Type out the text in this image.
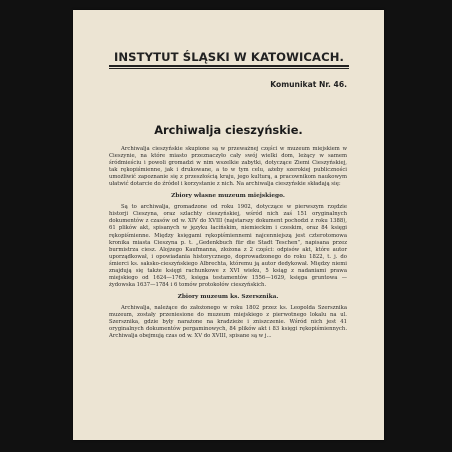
INSTYTUT ŚLĄSKI W KATOWICACH.
Komunikat Nr. 46.
Archiwalja cieszyńskie.

Archiwalja cieszyńskie skupione są w przeważnej części w muzeum miejskiem w Cieszynie, na które miasto przeznaczyło cały swój wielki dom, leżący w samem śródmieściu i powoli gromadzi w nim wszelkie zabytki, dotyczące Ziemi Cieszyńskiej, tak rękopiśmienne, jak i drukowane, a to w tym celu, ażeby szerokiej publiczności umożliwić zapoznanie się z przeszłością kraju, jego kulturą, a pracownikom naukowym ułatwić dotarcie do źródeł i korzystanie z nich. Na archiwalja cieszyńskie składają się:

Zbiory własne muzeum miejskiego.

Są to archiwalja, gromadzone od roku 1902, dotyczące w pierwszym rzędzie historji Cieszyna, oraz szlachty cieszyńskiej, wśród nich zaś 151 oryginalnych dokumentów z czasów od w. XIV do XVIII (najstarszy dokument pochodzi z roku 1388), 61 plików akt, spisanych w języku łacińskim, niemieckim i czeskim, oraz 84 księgi rękopiśmienne. Między księgami rękopiśmiennemi najcenniejszą jest czterotomowa kronika miasta Cieszyna p. t. „Gedenkbuch für die Stadt Teschen”, napisana przez burmistrza ciesz. Alojzego Kaufmanna, złożona z 2 części: odpisów akt, które autor uporządkował, i opowiadania historycznego, doprowadzonego do roku 1822, t. j. do śmierci ks. saksko-cieszyńskiego Albrechta, któremu ją autor dedykował. Między niemi znajdują się także księgi rachunkowe z XVI wieku, 5 ksiąg z nadaniami prawa miejskiego od 1624—1765, księga testamentów 1556—1629, księga gruntowa — żydowska 1637—1784 i 6 tomów protokołów cieszyńskich.

Zbiory muzeum ks. Szersznika.

Archiwalja, należące do założonego w roku 1802 przez ks. Leopolda Szersznika muzeum, zostały przeniesione do muzeum miejskiego z pierwotnego lokalu na ul. Szersznika, gdzie były narażone na kradzieże i zniszczenie. Wśród nich jest 41 oryginalnych dokumentów pergaminowych, 84 plików akt i 83 księgi rękopiśmiennych. Archiwalja obejmują czas od w. XV do XVIII, spisane są w j...
